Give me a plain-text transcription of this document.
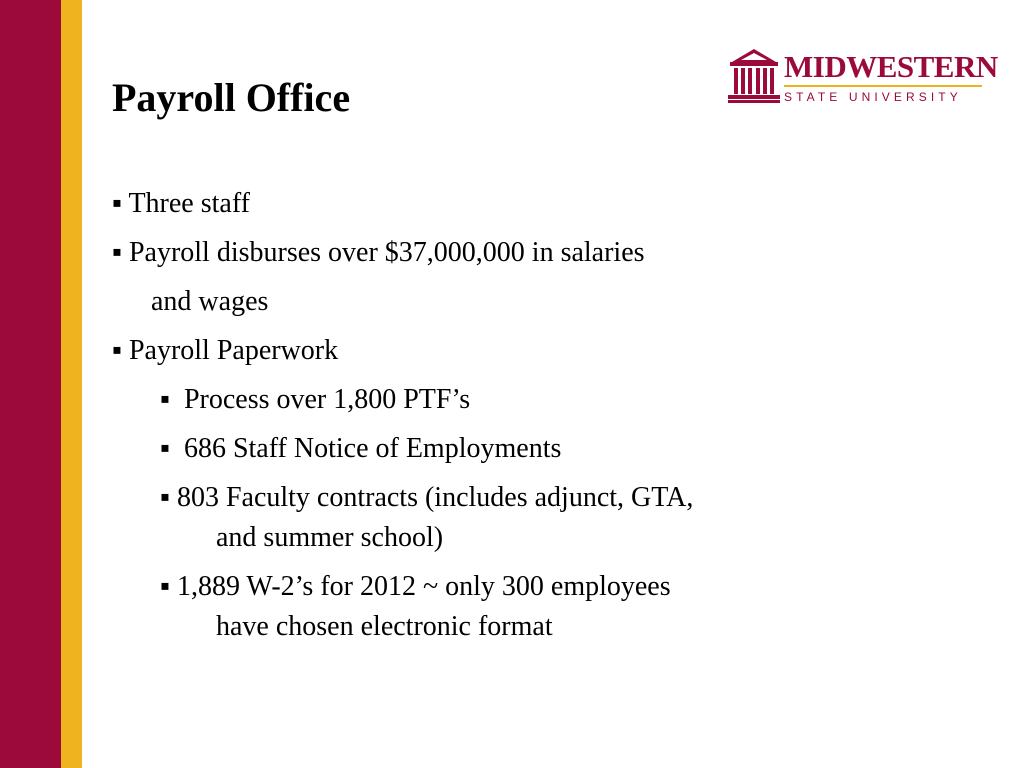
Payroll Office
MIDWESTERN
STATE UNIVERSITY

▪ Three staff

▪ Payroll disburses over $37,000,000 in salaries

and wages

▪ Payroll Paperwork

▪ Process over 1,800 PTF’s

▪ 686 Staff Notice of Employments

▪ 803 Faculty contracts (includes adjunct, GTA,

and summer school)

▪ 1,889 W-2’s for 2012 ~ only 300 employees

have chosen electronic format
